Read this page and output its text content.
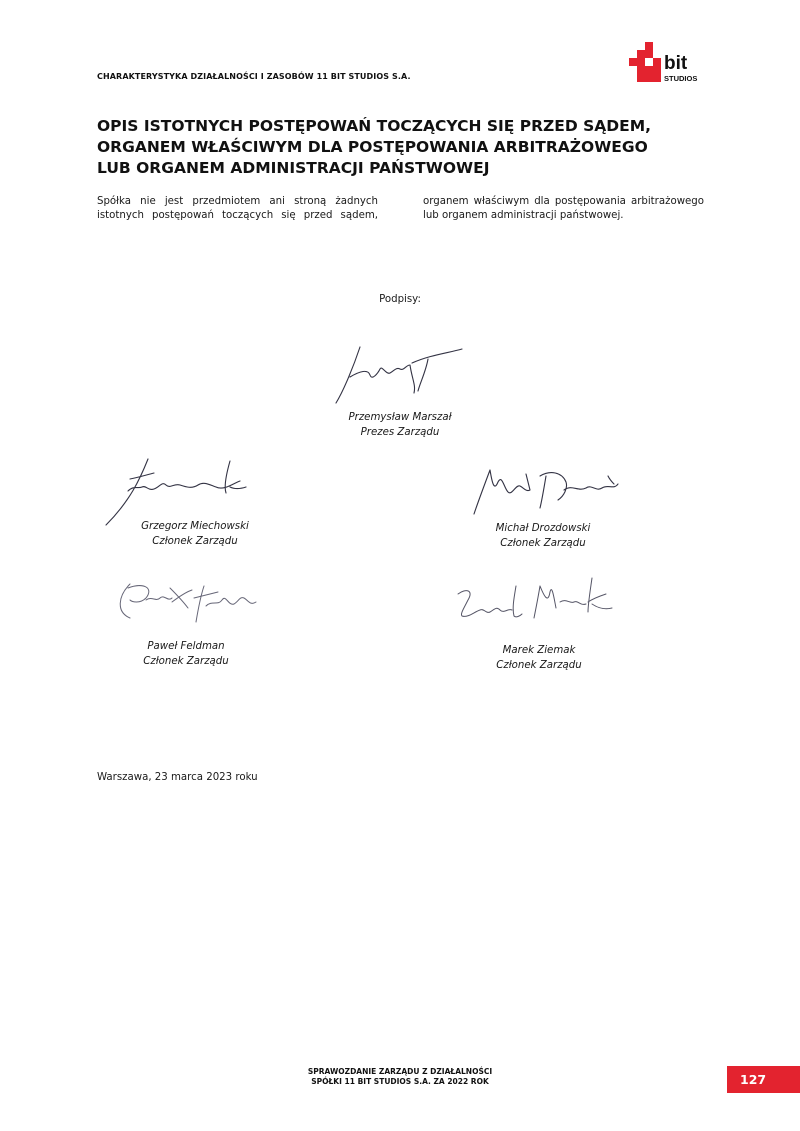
CHARAKTERYSTYKA DZIAŁALNOŚCI I ZASOBÓW 11 BIT STUDIOS S.A.
bit
STUDIOS
OPIS ISTOTNYCH POSTĘPOWAŃ TOCZĄCYCH SIĘ PRZED SĄDEM,
ORGANEM WŁAŚCIWYM DLA POSTĘPOWANIA ARBITRAŻOWEGO
LUB ORGANEM ADMINISTRACJI PAŃSTWOWEJ
Spółka nie jest przedmiotem ani stroną żadnych istotnych postępowań toczących się przed sądem, organem właściwym dla postępowania arbitrażowego lub organem administracji państwowej.
Podpisy:
Przemysław Marszał
Prezes Zarządu
Grzegorz Miechowski
Członek Zarządu
Michał Drozdowski
Członek Zarządu
Paweł Feldman
Członek Zarządu
Marek Ziemak
Członek Zarządu
Warszawa, 23 marca 2023 roku
SPRAWOZDANIE ZARZĄDU Z DZIAŁALNOŚCI
SPÓŁKI 11 BIT STUDIOS S.A. ZA 2022 ROK	127
